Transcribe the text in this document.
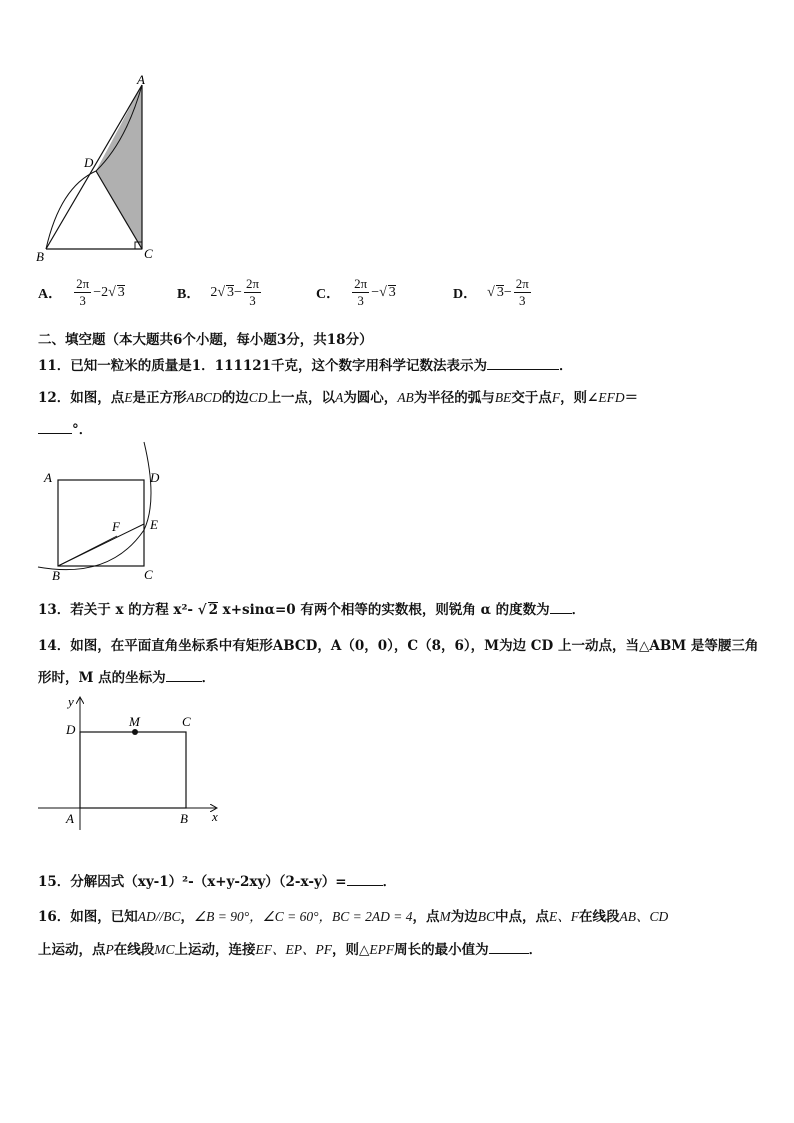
A
D
B	C
A． $\frac{2\pi}{3} -2$ √ 3	B． 2 √ $3 - \frac{2\pi}{3}$	C． $\frac{2\pi}{3}$ − √ 3	D． √ $3 - \frac{2\pi}{3}$
二、填空题（本大题共6个小题，每小题3分，共18分）
11．已知一粒米的质量是1．111121千克，这个数字用科学记数法表示为	．
12．如图，点E是正方形ABCD的边CD上一点，以A为圆心，AB为半径的弧与BE交于点F，则∠EFD＝
°．
A	D
F E
B	C
13．若关于 x 的方程 x²- √ 2 x+sinα=0 有两个相等的实数根，则锐角 α 的度数为 ．
14．如图，在平面直角坐标系中有矩形ABCD，A（0，0），C（8，6），M为边 CD 上一动点，当△ABM 是等腰三角
形时，M 点的坐标为	．
y
D
M	C
A	B x
15．分解因式（xy-1）²-（x+y-2xy）（2-x-y）=	．
16．如图，已知AD//BC，∠B = 90°，∠C = 60°，BC = 2AD = 4，点M为边BC中点，点E、F在线段AB、CD
上运动，点P在线段MC上运动，连接EF、EP、PF，则△EPF周长的最小值为	．
